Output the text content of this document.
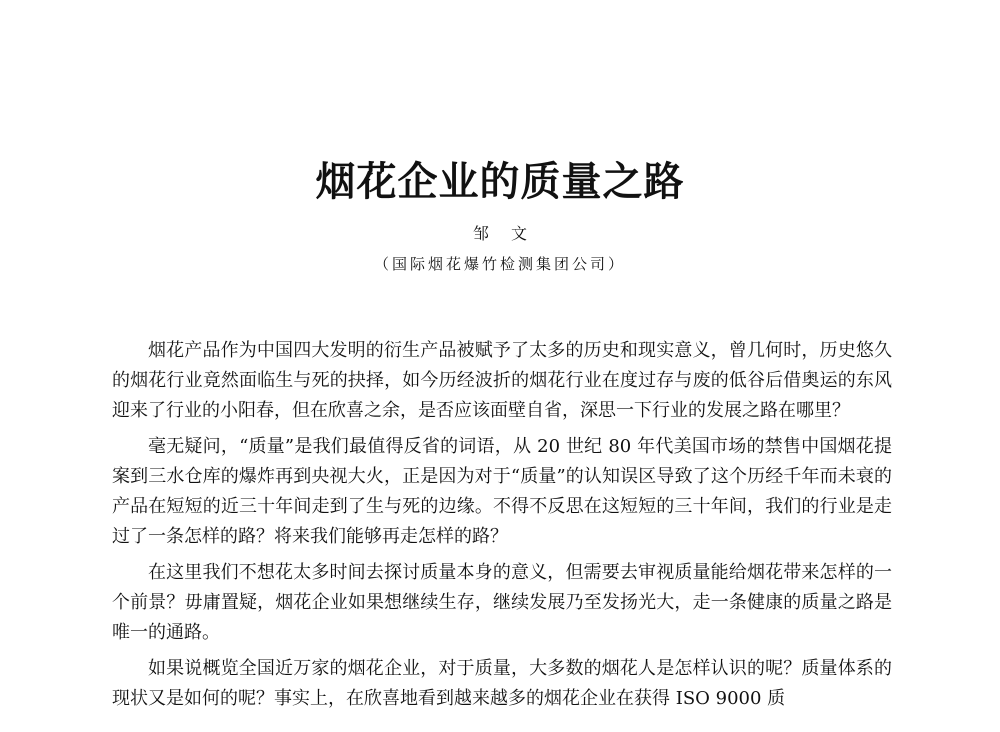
烟花企业的质量之路
邹文
（国际烟花爆竹检测集团公司）

烟花产品作为中国四大发明的衍生产品被赋予了太多的历史和现实意义，曾几何时，历史悠久的烟花行业竟然面临生与死的抉择，如今历经波折的烟花行业在度过存与废的低谷后借奥运的东风迎来了行业的小阳春，但在欣喜之余，是否应该面壁自省，深思一下行业的发展之路在哪里？

毫无疑问，“质量”是我们最值得反省的词语，从 20 世纪 80 年代美国市场的禁售中国烟花提案到三水仓库的爆炸再到央视大火，正是因为对于“质量”的认知误区导致了这个历经千年而未衰的产品在短短的近三十年间走到了生与死的边缘。不得不反思在这短短的三十年间，我们的行业是走过了一条怎样的路？将来我们能够再走怎样的路？

在这里我们不想花太多时间去探讨质量本身的意义，但需要去审视质量能给烟花带来怎样的一个前景？毋庸置疑，烟花企业如果想继续生存，继续发展乃至发扬光大，走一条健康的质量之路是唯一的通路。

如果说概览全国近万家的烟花企业，对于质量，大多数的烟花人是怎样认识的呢？质量体系的现状又是如何的呢？事实上，在欣喜地看到越来越多的烟花企业在获得 ISO 9000 质
